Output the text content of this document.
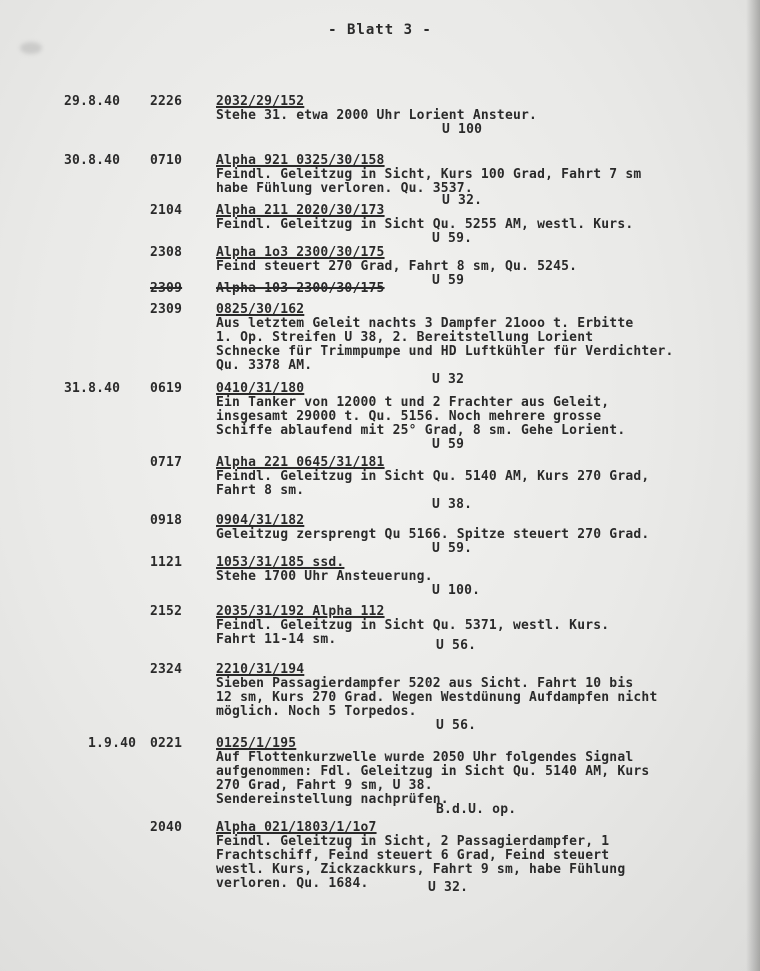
- Blatt 3 -
29.8.40 2226	2032/29/152
Stehe 31. etwa 2000 Uhr Lorient Ansteur.
U 100
30.8.40 0710	Alpha 921 0325/30/158
Feindl. Geleitzug in Sicht, Kurs 100 Grad, Fahrt 7 sm
habe Fühlung verloren. Qu. 3537.
U 32.
2104	Alpha 211 2020/30/173
Feindl. Geleitzug in Sicht Qu. 5255 AM, westl. Kurs.
U 59.
2308	Alpha 1o3 2300/30/175
Feind steuert 270 Grad, Fahrt 8 sm, Qu. 5245.
U 59
2309	Alpha 103 2300/30/175
2309	0825/30/162
Aus letztem Geleit nachts 3 Dampfer 21ooo t. Erbitte
1. Op. Streifen U 38, 2. Bereitstellung Lorient
Schnecke für Trimmpumpe und HD Luftkühler für Verdichter.
Qu. 3378 AM.
U 32
31.8.40 0619	0410/31/180
Ein Tanker von 12000 t und 2 Frachter aus Geleit,
insgesamt 29000 t. Qu. 5156. Noch mehrere grosse
Schiffe ablaufend mit 25° Grad, 8 sm. Gehe Lorient.
U 59
0717	Alpha 221 0645/31/181
Feindl. Geleitzug in Sicht Qu. 5140 AM, Kurs 270 Grad,
Fahrt 8 sm.
U 38.
0918	0904/31/182
Geleitzug zersprengt Qu 5166. Spitze steuert 270 Grad.
U 59.
1121	1053/31/185 ssd.
Stehe 1700 Uhr Ansteuerung.
U 100.
2152	2035/31/192 Alpha 112
Feindl. Geleitzug in Sicht Qu. 5371, westl. Kurs.
Fahrt 11-14 sm.	U 56.
2324	2210/31/194
Sieben Passagierdampfer 5202 aus Sicht. Fahrt 10 bis
12 sm, Kurs 270 Grad. Wegen Westdünung Aufdampfen nicht
möglich. Noch 5 Torpedos.
U 56.
1.9.40 0221	0125/1/195
Auf Flottenkurzwelle wurde 2050 Uhr folgendes Signal
aufgenommen: Fdl. Geleitzug in Sicht Qu. 5140 AM, Kurs
270 Grad, Fahrt 9 sm, U 38.
Sendereinstellung nachprüfen.
B.d.U. op.
2040	Alpha 021/1803/1/1o7
Feindl. Geleitzug in Sicht, 2 Passagierdampfer, 1
Frachtschiff, Feind steuert 6 Grad, Feind steuert
westl. Kurs, Zickzackkurs, Fahrt 9 sm, habe Fühlung
verloren. Qu. 1684.	U 32.
